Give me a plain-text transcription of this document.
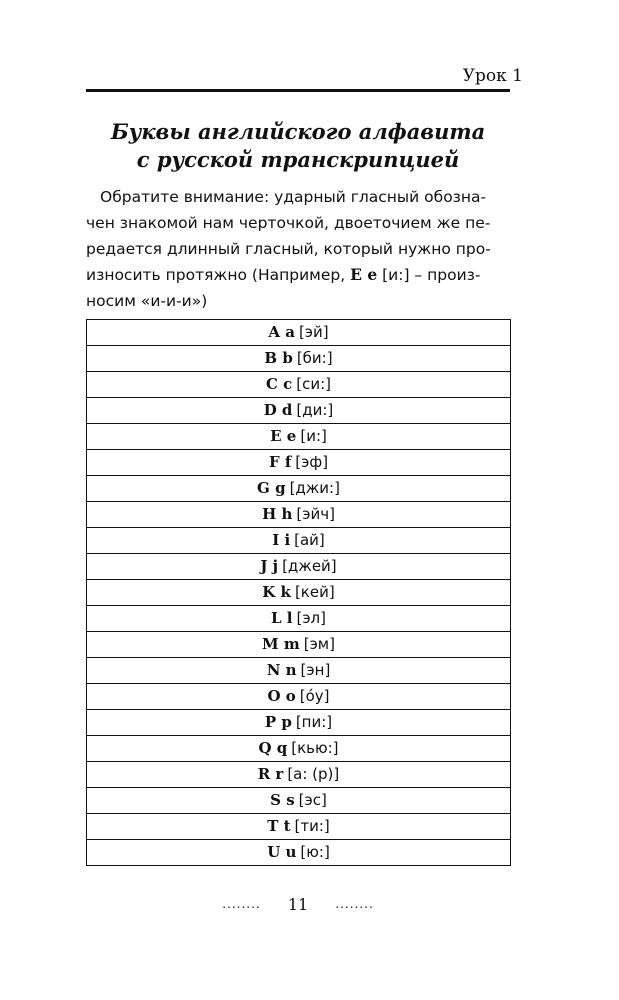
Урок 1
Буквы английского алфавита
с русской транскрипцией
Обратите внимание: ударный гласный обозна-
чен знакомой нам черточкой, двоеточием же пе-
редается длинный гласный, который нужно про-
износить протяжно (Например, E e [и:] – произ-
носим «и-и-и»)
A a [эй]
B b [би:]
C c [си:]
D d [ди:]
E e [и:]
F f [эф]
G g [джи:]
H h [эйч]
I i [ай]
J j [джей]
K k [кей]
L l [эл]
M m [эм]
N n [эн]
O o [óу]
P p [пи:]
Q q [кью:]
R r [а: (р)]
S s [эс]
T t [ти:]
U u [ю:]
........ 11 ........
